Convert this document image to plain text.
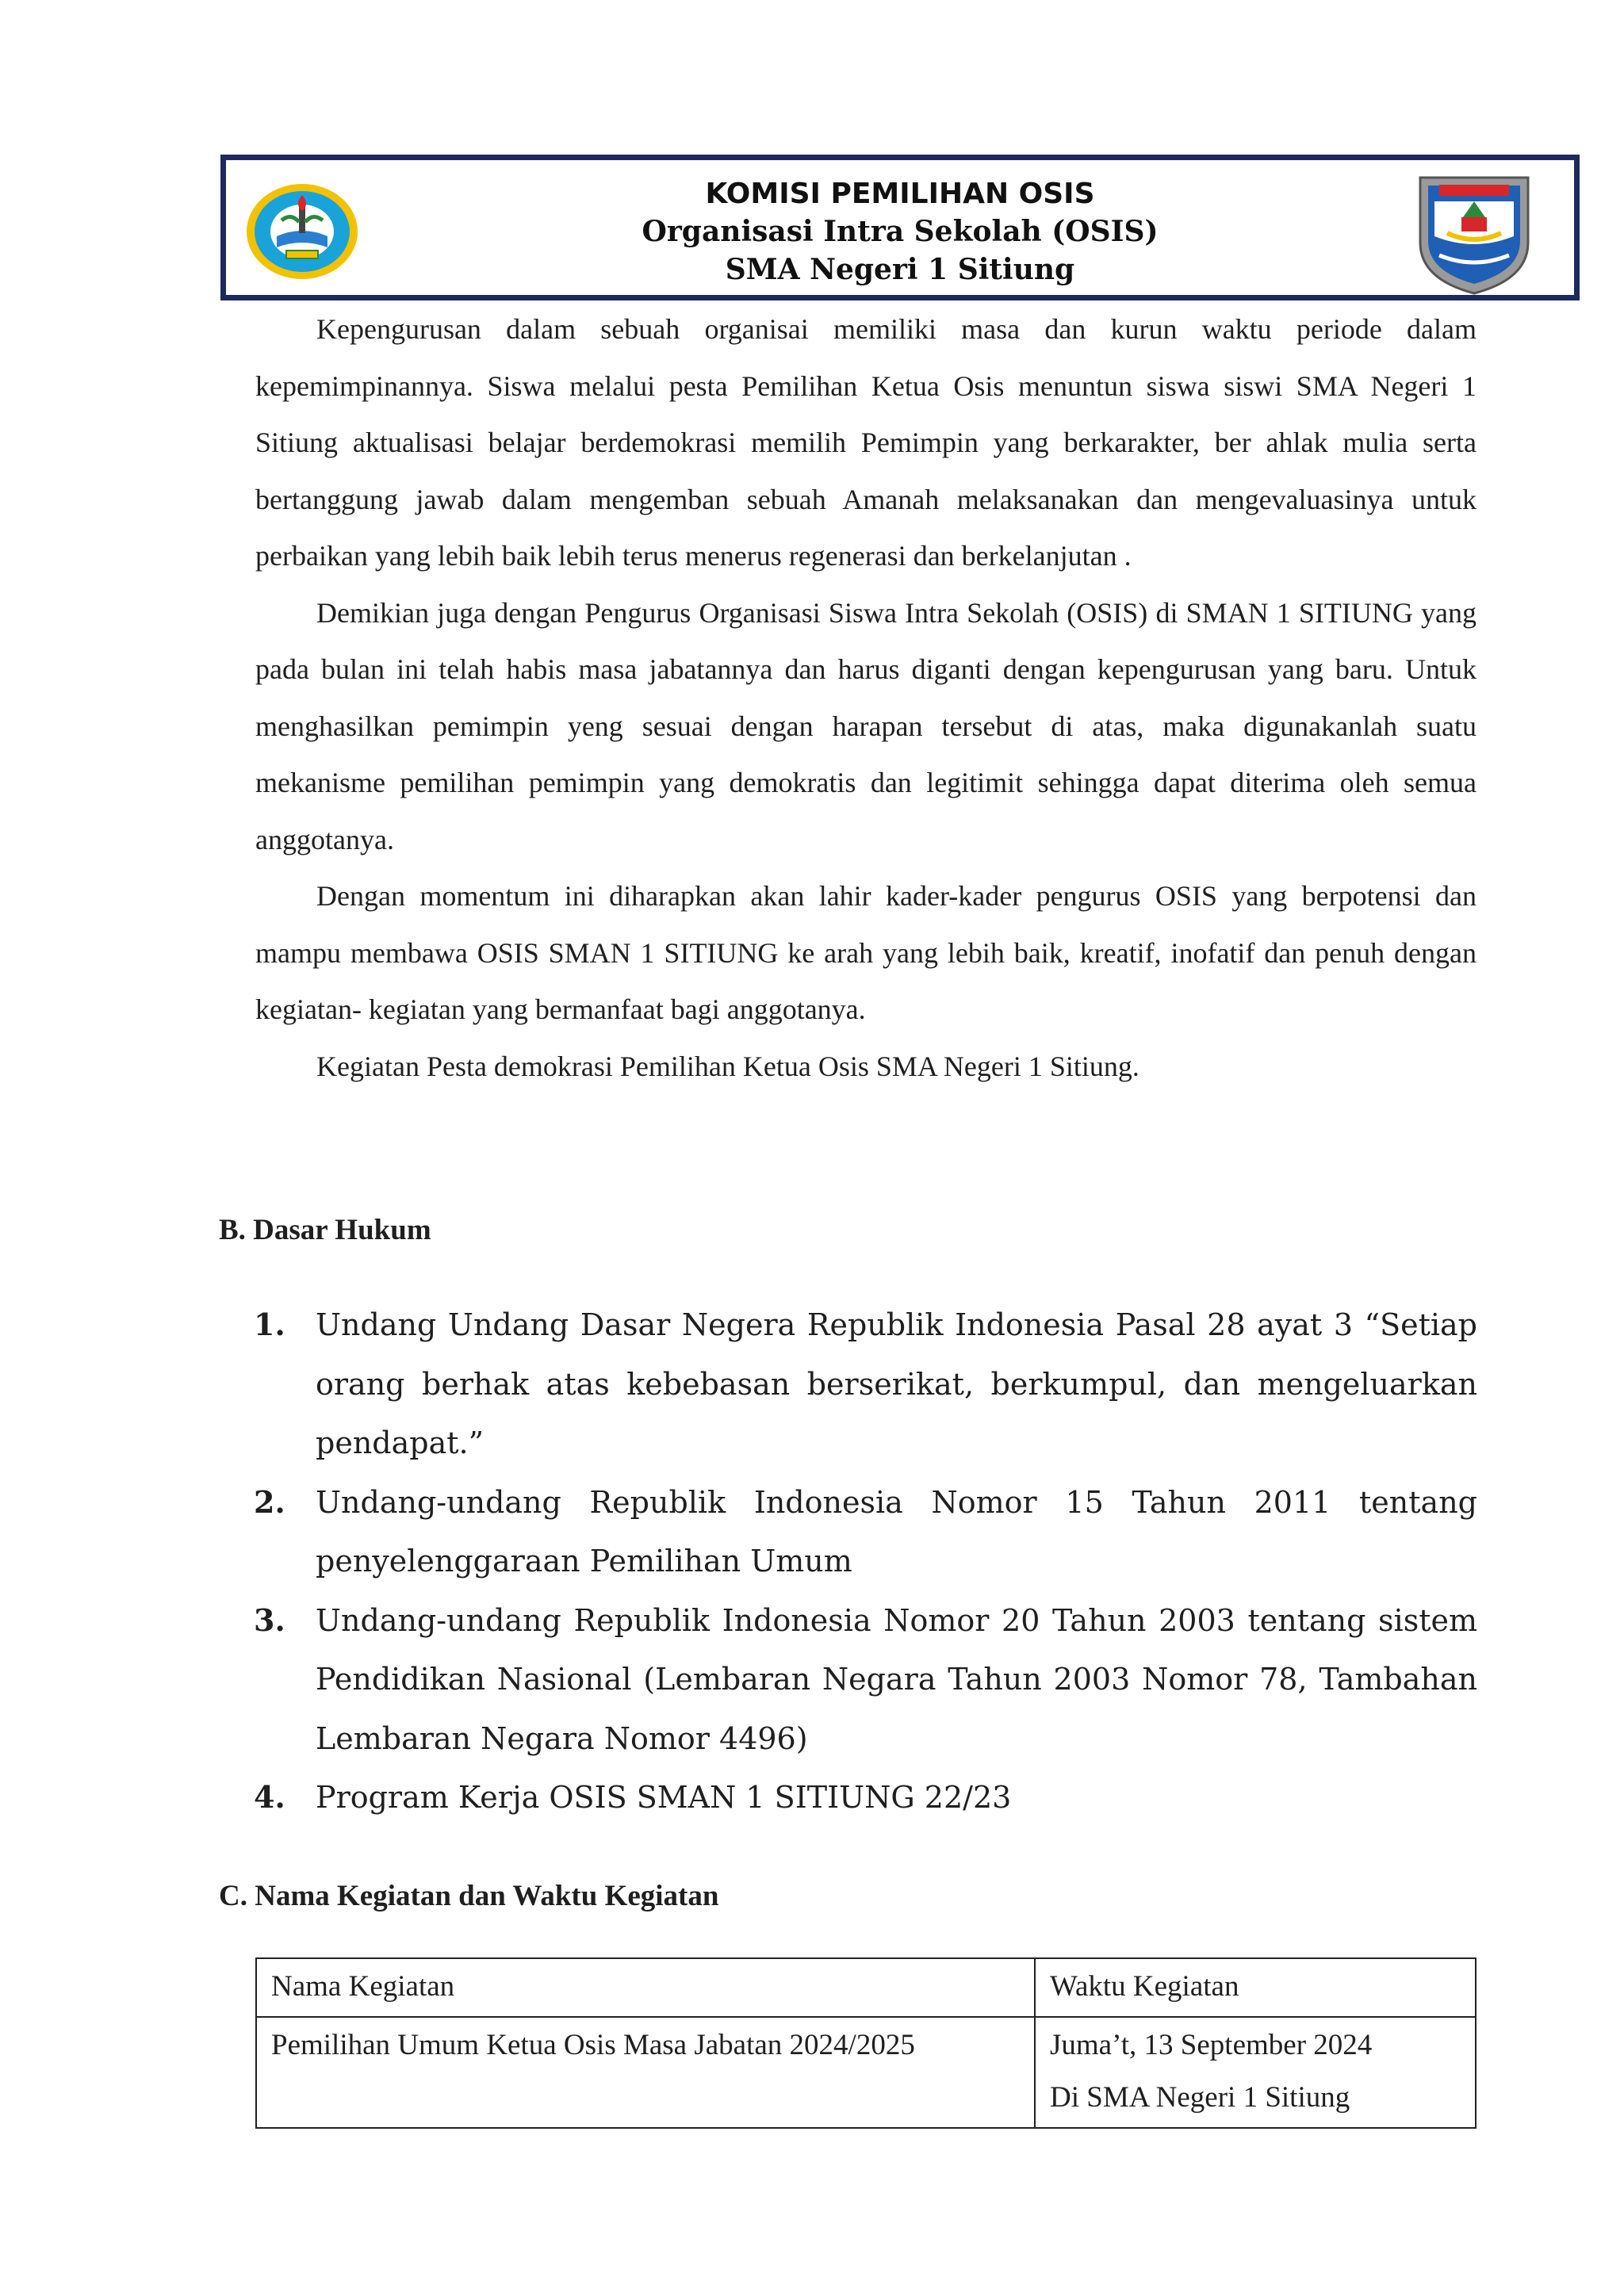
KOMISI PEMILIHAN OSIS
Organisasi Intra Sekolah (OSIS)
SMA Negeri 1 Sitiung

Kepengurusan dalam sebuah organisai memiliki masa dan kurun waktu periode dalam kepemimpinannya. Siswa melalui pesta Pemilihan Ketua Osis menuntun siswa siswi SMA Negeri 1 Sitiung aktualisasi belajar berdemokrasi memilih Pemimpin yang berkarakter, ber ahlak mulia serta bertanggung jawab dalam mengemban sebuah Amanah melaksanakan dan mengevaluasinya untuk perbaikan yang lebih baik lebih terus menerus regenerasi dan berkelanjutan .

Demikian juga dengan Pengurus Organisasi Siswa Intra Sekolah (OSIS) di SMAN 1 SITIUNG yang pada bulan ini telah habis masa jabatannya dan harus diganti dengan kepengurusan yang baru. Untuk menghasilkan pemimpin yeng sesuai dengan harapan tersebut di atas, maka digunakanlah suatu mekanisme pemilihan pemimpin yang demokratis dan legitimit sehingga dapat diterima oleh semua anggotanya.

Dengan momentum ini diharapkan akan lahir kader-kader pengurus OSIS yang berpotensi dan mampu membawa OSIS SMAN 1 SITIUNG ke arah yang lebih baik, kreatif, inofatif dan penuh dengan kegiatan- kegiatan yang bermanfaat bagi anggotanya.

Kegiatan Pesta demokrasi Pemilihan Ketua Osis SMA Negeri 1 Sitiung.

B. Dasar Hukum
1. Undang Undang Dasar Negera Republik Indonesia Pasal 28 ayat 3 “Setiap orang berhak atas kebebasan berserikat, berkumpul, dan mengeluarkan pendapat.”
2. Undang-undang Republik Indonesia Nomor 15 Tahun 2011 tentang penyelenggaraan Pemilihan Umum
3. Undang-undang Republik Indonesia Nomor 20 Tahun 2003 tentang sistem Pendidikan Nasional (Lembaran Negara Tahun 2003 Nomor 78, Tambahan Lembaran Negara Nomor 4496)
4. Program Kerja OSIS SMAN 1 SITIUNG 22/23
C. Nama Kegiatan dan Waktu Kegiatan
Nama Kegiatan	Waktu Kegiatan
Pemilihan Umum Ketua Osis Masa Jabatan 2024/2025	Juma’t, 13 September 2024
Di SMA Negeri 1 Sitiung
